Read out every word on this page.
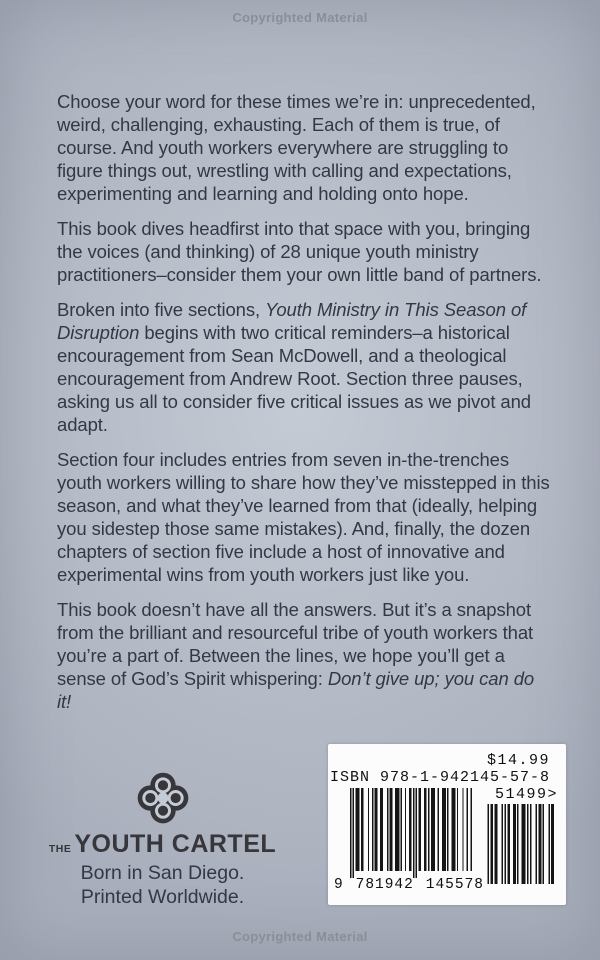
Copyrighted Material

Choose your word for these times we’re in: unprecedented, weird, challenging, exhausting. Each of them is true, of course. And youth workers everywhere are struggling to figure things out, wrestling with calling and expectations, experimenting and learning and holding onto hope.

This book dives headfirst into that space with you, bringing the voices (and thinking) of 28 unique youth ministry practitioners–consider them your own little band of partners.

Broken into five sections, Youth Ministry in This Season of Disruption begins with two critical reminders–a historical encouragement from Sean McDowell, and a theological encouragement from Andrew Root. Section three pauses, asking us all to consider five critical issues as we pivot and adapt.

Section four includes entries from seven in-the-trenches youth workers willing to share how they’ve misstepped in this season, and what they’ve learned from that (ideally, helping you sidestep those same mistakes). And, finally, the dozen chapters of section five include a host of innovative and experimental wins from youth workers just like you.

This book doesn’t have all the answers. But it’s a snapshot from the brilliant and resourceful tribe of youth workers that you’re a part of. Between the lines, we hope you’ll get a sense of God’s Spirit whispering: Don’t give up; you can do it!

THE YOUTH CARTEL
Born in San Diego.
Printed Worldwide.
$14.99
ISBN 978-1-942145-57-8
51499>
9 781942 145578
Copyrighted Material
